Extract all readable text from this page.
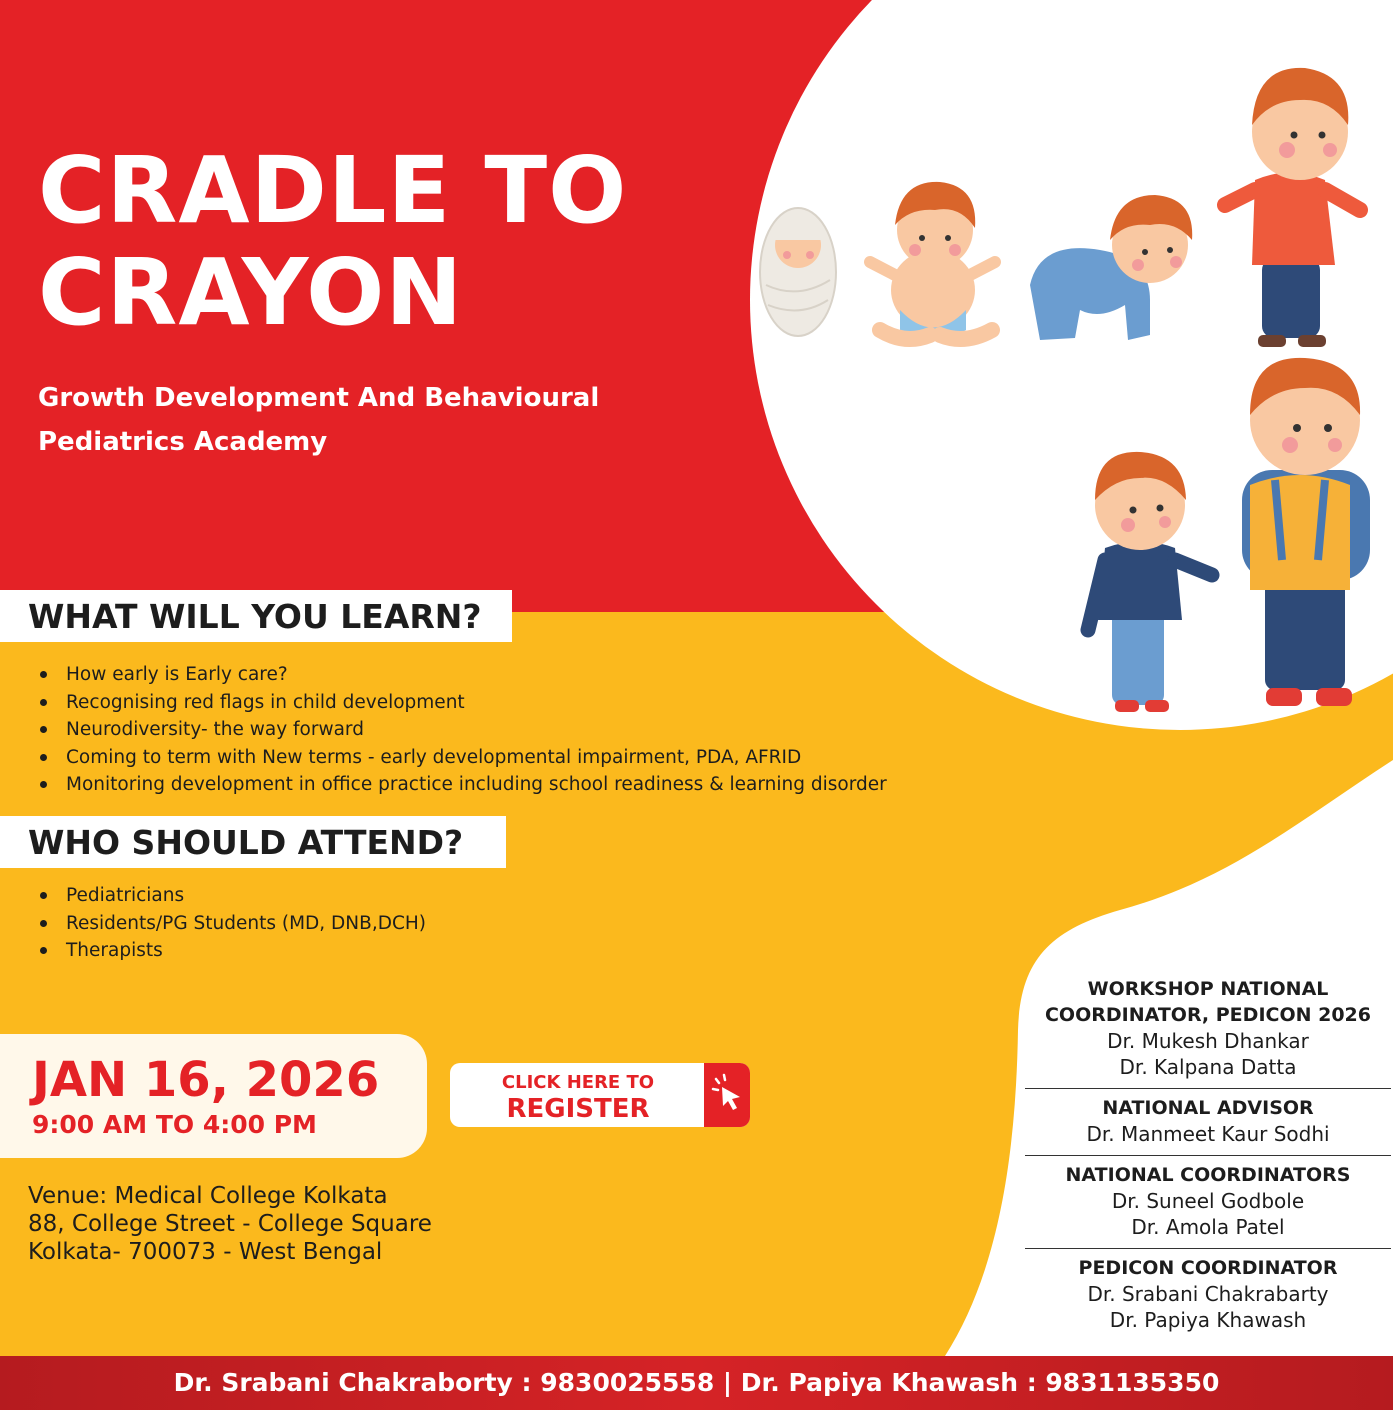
CRADLE TO
CRAYON
Growth Development And Behavioural
Pediatrics Academy
WHAT WILL YOU LEARN?
How early is Early care?
Recognising red flags in child development
Neurodiversity- the way forward
Coming to term with New terms - early developmental impairment, PDA, AFRID
Monitoring development in office practice including school readiness & learning disorder
WHO SHOULD ATTEND?
Pediatricians
Residents/PG Students (MD, DNB,DCH)
Therapists
JAN 16, 2026
9:00 AM TO 4:00 PM
CLICK HERE TO
REGISTER
Venue: Medical College Kolkata
88, College Street - College Square
Kolkata- 700073 - West Bengal
WORKSHOP NATIONAL
COORDINATOR, PEDICON 2026
Dr. Mukesh Dhankar
Dr. Kalpana Datta
NATIONAL ADVISOR
Dr. Manmeet Kaur Sodhi
NATIONAL COORDINATORS
Dr. Suneel Godbole
Dr. Amola Patel
PEDICON COORDINATOR
Dr. Srabani Chakrabarty
Dr. Papiya Khawash
Dr. Srabani Chakraborty : 9830025558 | Dr. Papiya Khawash : 9831135350
